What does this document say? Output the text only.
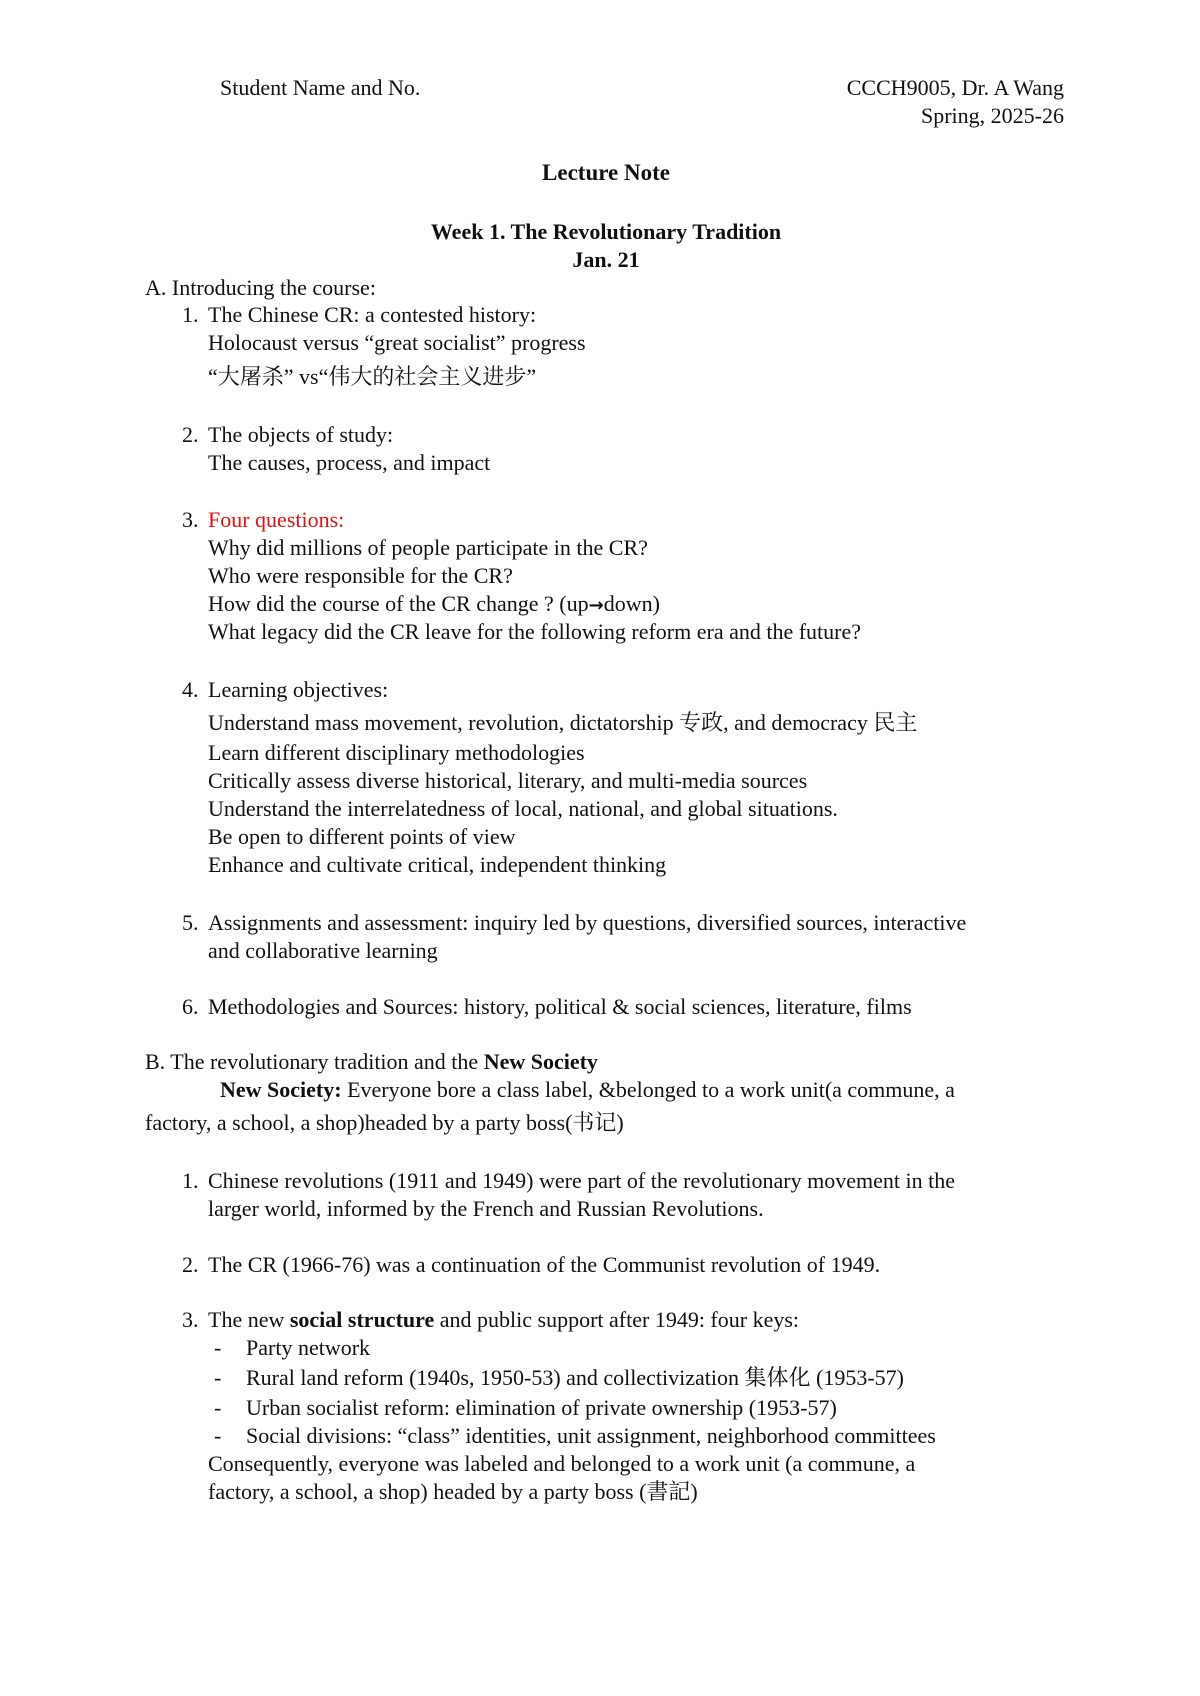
Student Name and No.	CCCH9005, Dr. A Wang
Spring, 2025-26
Lecture Note
Week 1. The Revolutionary Tradition
Jan. 21
A. Introducing the course:
1. The Chinese CR: a contested history:
Holocaust versus “great socialist” progress
“大屠杀” vs“伟大的社会主义进步”
2. The objects of study:
The causes, process, and impact
3. Four questions:
Why did millions of people participate in the CR?
Who were responsible for the CR?
How did the course of the CR change ? (up→down)
What legacy did the CR leave for the following reform era and the future?
4. Learning objectives:
Understand mass movement, revolution, dictatorship 专政, and democracy 民主
Learn different disciplinary methodologies
Critically assess diverse historical, literary, and multi-media sources
Understand the interrelatedness of local, national, and global situations.
Be open to different points of view
Enhance and cultivate critical, independent thinking
5. Assignments and assessment: inquiry led by questions, diversified sources, interactive
and collaborative learning
6. Methodologies and Sources: history, political & social sciences, literature, films
B. The revolutionary tradition and the New Society
New Society: Everyone bore a class label, &belonged to a work unit(a commune, a
factory, a school, a shop)headed by a party boss(书记)
1. Chinese revolutions (1911 and 1949) were part of the revolutionary movement in the
larger world, informed by the French and Russian Revolutions.
2. The CR (1966-76) was a continuation of the Communist revolution of 1949.
3. The new social structure and public support after 1949: four keys:
- Party network
- Rural land reform (1940s, 1950-53) and collectivization 集体化 (1953-57)
- Urban socialist reform: elimination of private ownership (1953-57)
- Social divisions: “class” identities, unit assignment, neighborhood committees
Consequently, everyone was labeled and belonged to a work unit (a commune, a
factory, a school, a shop) headed by a party boss (書記)
